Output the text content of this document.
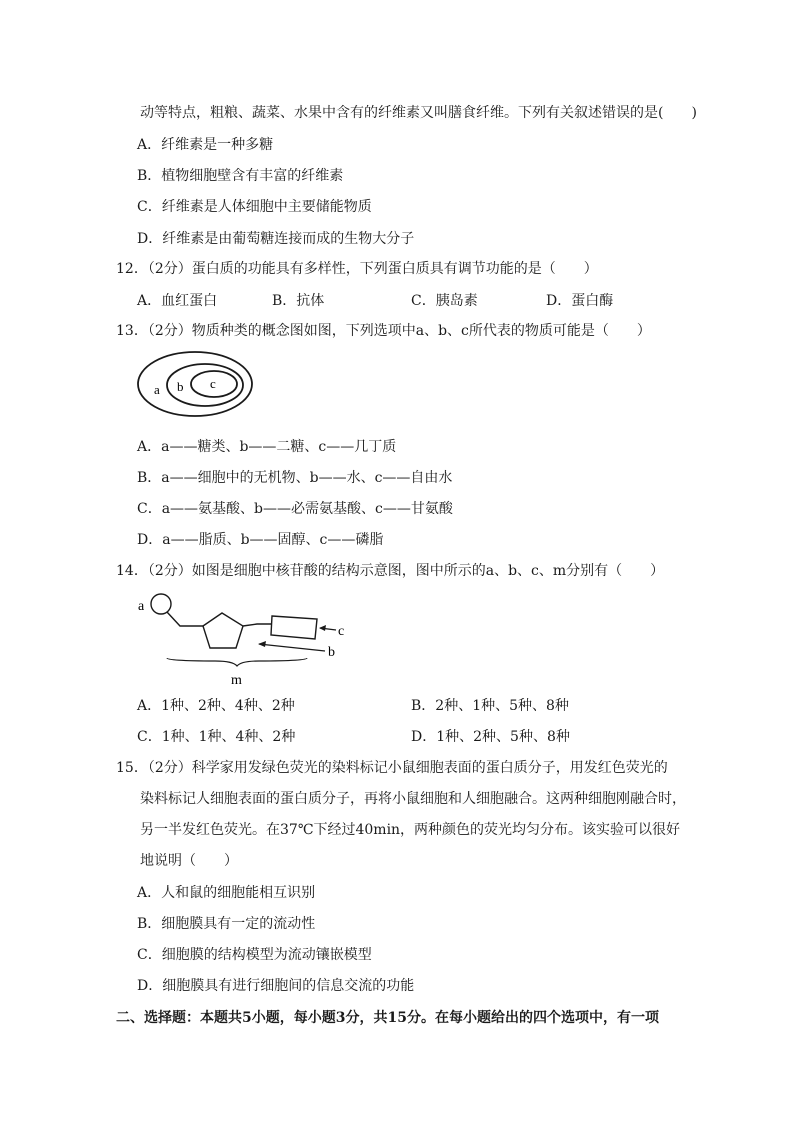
动等特点，粗粮、蔬菜、水果中含有的纤维素又叫膳食纤维。下列有关叙述错误的是(　　)
A．纤维素是一种多糖
B．植物细胞壁含有丰富的纤维素
C．纤维素是人体细胞中主要储能物质
D．纤维素是由葡萄糖连接而成的生物大分子
12．（2分）蛋白质的功能具有多样性，下列蛋白质具有调节功能的是（　　）
A．血红蛋白	B．抗体	C．胰岛素	D．蛋白酶
13．（2分）物质种类的概念图如图，下列选项中a、b、c所代表的物质可能是（　　）
a b c
A．a——糖类、b——二糖、c——几丁质
B．a——细胞中的无机物、b——水、c——自由水
C．a——氨基酸、b——必需氨基酸、c——甘氨酸
D．a——脂质、b——固醇、c——磷脂
14．（2分）如图是细胞中核苷酸的结构示意图，图中所示的a、b、c、m分别有（　　）
a
c
b
m
A．1种、2种、4种、2种	B．2种、1种、5种、8种
C．1种、1种、4种、2种	D．1种、2种、5种、8种
15．（2分）科学家用发绿色荧光的染料标记小鼠细胞表面的蛋白质分子，用发红色荧光的
染料标记人细胞表面的蛋白质分子，再将小鼠细胞和人细胞融合。这两种细胞刚融合时，
另一半发红色荧光。在37℃下经过40min，两种颜色的荧光均匀分布。该实验可以很好
地说明（　　）
A．人和鼠的细胞能相互识别
B．细胞膜具有一定的流动性
C．细胞膜的结构模型为流动镶嵌模型
D．细胞膜具有进行细胞间的信息交流的功能
二、选择题：本题共5小题，每小题3分，共15分。在每小题给出的四个选项中，有一项
